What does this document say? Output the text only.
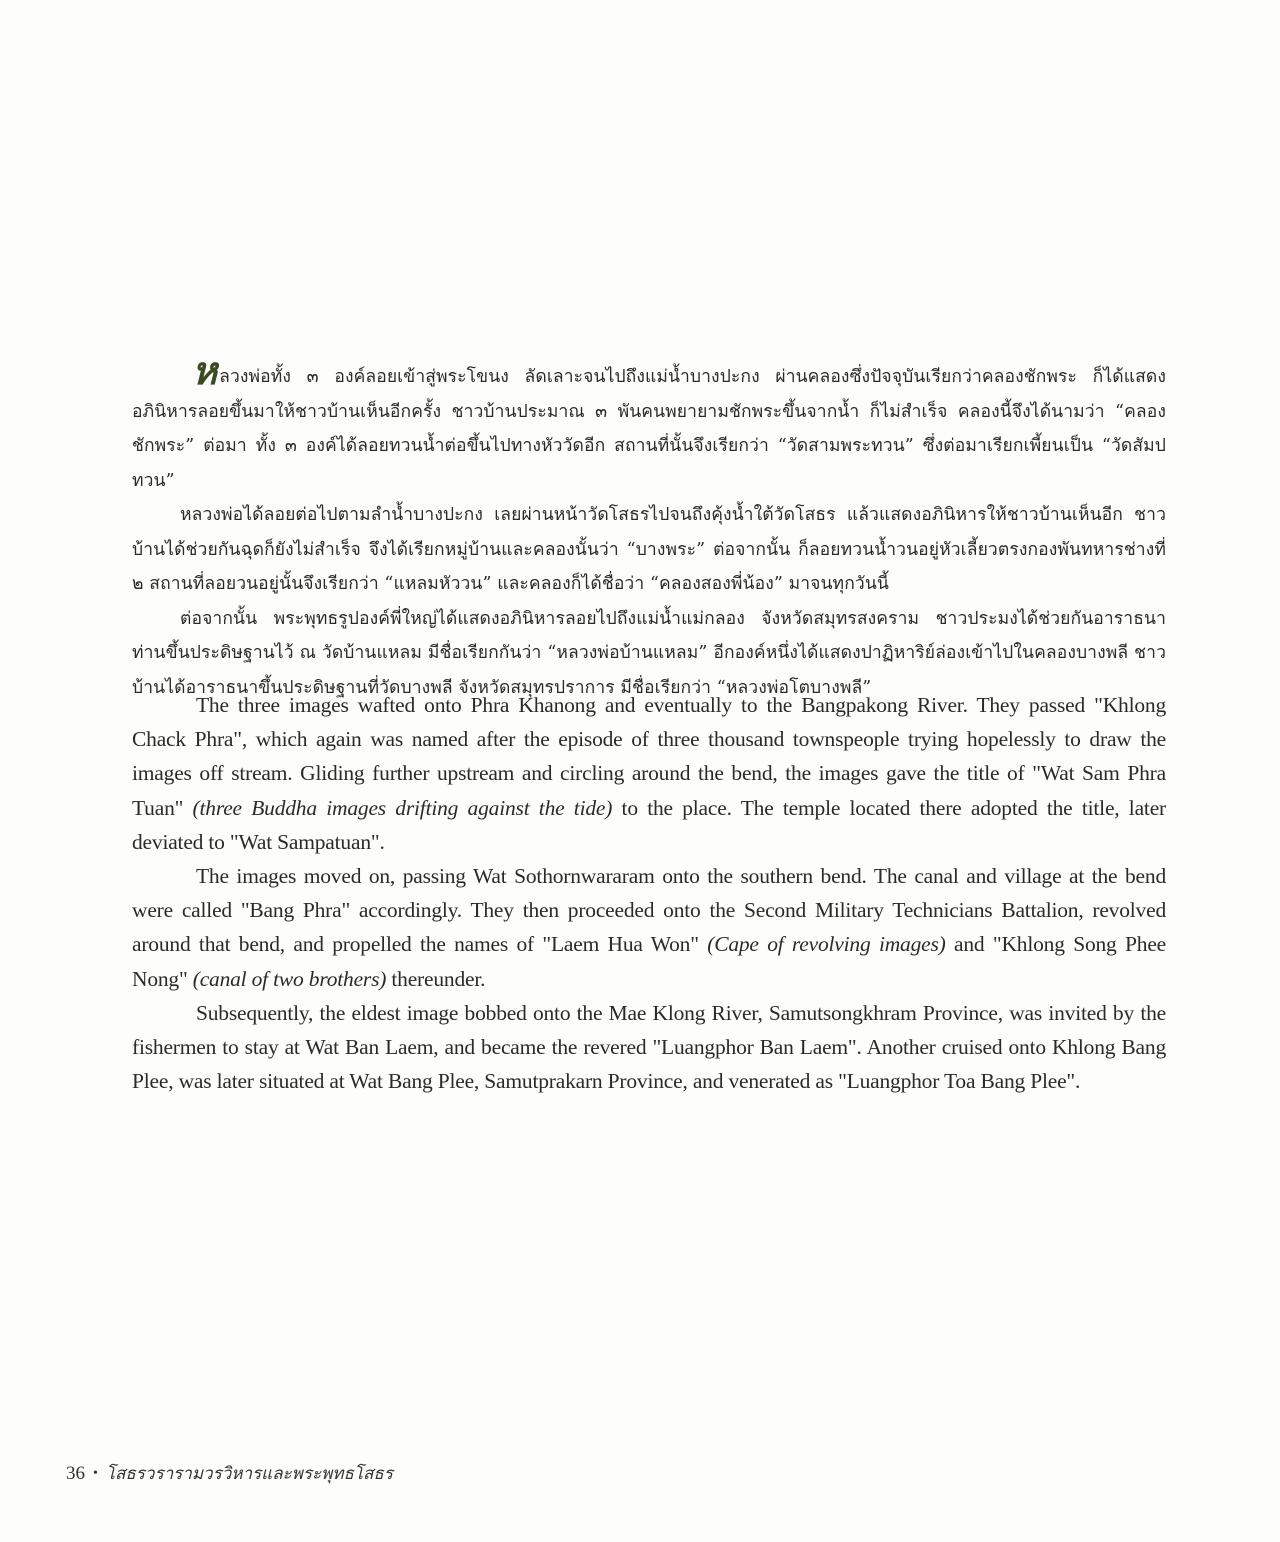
หลวงพ่อทั้ง ๓ องค์ลอยเข้าสู่พระโขนง ลัดเลาะจนไปถึงแม่น้ำบางปะกง ผ่านคลองซึ่งปัจจุบันเรียกว่าคลองชักพระ ก็ได้แสดงอภินิหารลอยขึ้นมาให้ชาวบ้านเห็นอีกครั้ง ชาวบ้านประมาณ ๓ พันคนพยายามชักพระขึ้นจากน้ำ ก็ไม่สำเร็จ คลองนี้จึงได้นามว่า “คลองชักพระ” ต่อมา ทั้ง ๓ องค์ได้ลอยทวนน้ำต่อขึ้นไปทางหัววัดอีก สถานที่นั้นจึงเรียกว่า “วัดสามพระทวน” ซึ่งต่อมาเรียกเพี้ยนเป็น “วัดสัมปทวน”

หลวงพ่อได้ลอยต่อไปตามลำน้ำบางปะกง เลยผ่านหน้าวัดโสธรไปจนถึงคุ้งน้ำใต้วัดโสธร แล้วแสดงอภินิหารให้ชาวบ้านเห็นอีก ชาวบ้านได้ช่วยกันฉุดก็ยังไม่สำเร็จ จึงได้เรียกหมู่บ้านและคลองนั้นว่า “บางพระ” ต่อจากนั้น ก็ลอยทวนน้ำวนอยู่หัวเลี้ยวตรงกองพันทหารช่างที่ ๒ สถานที่ลอยวนอยู่นั้นจึงเรียกว่า “แหลมหัววน” และคลองก็ได้ชื่อว่า “คลองสองพี่น้อง” มาจนทุกวันนี้

ต่อจากนั้น พระพุทธรูปองค์พี่ใหญ่ได้แสดงอภินิหารลอยไปถึงแม่น้ำแม่กลอง จังหวัดสมุทรสงคราม ชาวประมงได้ช่วยกันอาราธนาท่านขึ้นประดิษฐานไว้ ณ วัดบ้านแหลม มีชื่อเรียกกันว่า “หลวงพ่อบ้านแหลม” อีกองค์หนึ่งได้แสดงปาฏิหาริย์ล่องเข้าไปในคลองบางพลี ชาวบ้านได้อาราธนาขึ้นประดิษฐานที่วัดบางพลี จังหวัดสมุทรปราการ มีชื่อเรียกว่า “หลวงพ่อโตบางพลี”

The three images wafted onto Phra Khanong and eventually to the Bangpakong River. They passed "Khlong Chack Phra", which again was named after the episode of three thousand townspeople trying hopelessly to draw the images off stream. Gliding further upstream and circling around the bend, the images gave the title of "Wat Sam Phra Tuan" (three Buddha images drifting against the tide) to the place. The temple located there adopted the title, later deviated to "Wat Sampatuan".

The images moved on, passing Wat Sothornwararam onto the southern bend. The canal and village at the bend were called "Bang Phra" accordingly. They then proceeded onto the Second Military Technicians Battalion, revolved around that bend, and propelled the names of "Laem Hua Won" (Cape of revolving images) and "Khlong Song Phee Nong" (canal of two brothers) thereunder.

Subsequently, the eldest image bobbed onto the Mae Klong River, Samutsongkhram Province, was invited by the fishermen to stay at Wat Ban Laem, and became the revered "Luangphor Ban Laem". Another cruised onto Khlong Bang Plee, was later situated at Wat Bang Plee, Samutprakarn Province, and venerated as "Luangphor Toa Bang Plee".

36 • โสธรวรารามวรวิหารและพระพุทธโสธร
